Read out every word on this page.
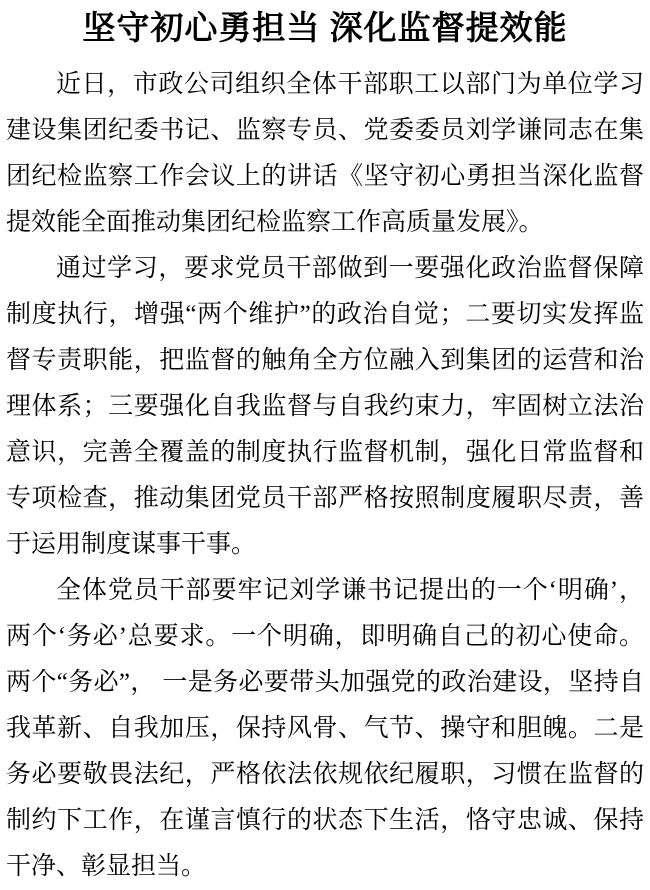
坚守初心勇担当 深化监督提效能

近日，市政公司组织全体干部职工以部门为单位学习建设集团纪委书记、监察专员、党委委员刘学谦同志在集团纪检监察工作会议上的讲话《坚守初心勇担当深化监督提效能全面推动集团纪检监察工作高质量发展》。

通过学习，要求党员干部做到一要强化政治监督保障制度执行，增强“两个维护”的政治自觉；二要切实发挥监督专责职能，把监督的触角全方位融入到集团的运营和治理体系；三要强化自我监督与自我约束力，牢固树立法治意识，完善全覆盖的制度执行监督机制，强化日常监督和专项检查，推动集团党员干部严格按照制度履职尽责，善于运用制度谋事干事。

全体党员干部要牢记刘学谦书记提出的一个‘明确’，两个‘务必’总要求。一个明确，即明确自己的初心使命。两个“务必”， 一是务必要带头加强党的政治建设，坚持自我革新、自我加压，保持风骨、气节、操守和胆魄。二是务必要敬畏法纪，严格依法依规依纪履职，习惯在监督的制约下工作，在谨言慎行的状态下生活，恪守忠诚、保持干净、彰显担当。
